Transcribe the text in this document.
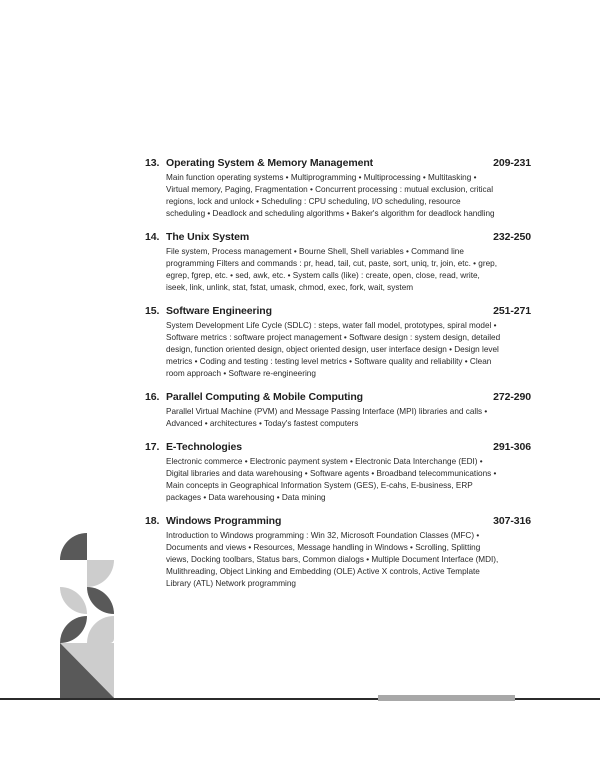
13. Operating System & Memory Management	209-231
Main function operating systems • Multiprogramming • Multiprocessing • Multitasking • Virtual memory, Paging, Fragmentation • Concurrent processing : mutual exclusion, critical regions, lock and unlock • Scheduling : CPU scheduling, I/O scheduling, resource scheduling • Deadlock and scheduling algorithms • Baker's algorithm for deadlock handling
14. The Unix System	232-250
File system, Process management • Bourne Shell, Shell variables • Command line programming Filters and commands : pr, head, tail, cut, paste, sort, uniq, tr, join, etc. • grep, egrep, fgrep, etc. • sed, awk, etc. • System calls (like) : create, open, close, read, write, iseek, link, unlink, stat, fstat, umask, chmod, exec, fork, wait, system
15. Software Engineering	251-271
System Development Life Cycle (SDLC) : steps, water fall model, prototypes, spiral model • Software metrics : software project management • Software design : system design, detailed design, function oriented design, object oriented design, user interface design • Design level metrics • Coding and testing : testing level metrics • Software quality and reliability • Clean room approach • Software re-engineering
16. Parallel Computing & Mobile Computing	272-290
Parallel Virtual Machine (PVM) and Message Passing Interface (MPI) libraries and calls • Advanced • architectures • Today's fastest computers
17. E-Technologies	291-306
Electronic commerce • Electronic payment system • Electronic Data Interchange (EDI) • Digital libraries and data warehousing • Software agents • Broadband telecommunications • Main concepts in Geographical Information System (GES), E-cahs, E-business, ERP packages • Data warehousing • Data mining
18. Windows Programming	307-316
Introduction to Windows programming : Win 32, Microsoft Foundation Classes (MFC) • Documents and views • Resources, Message handling in Windows • Scrolling, Splitting views, Docking toolbars, Status bars, Common dialogs • Multiple Document Interface (MDI), Mulithreading, Object Linking and Embedding (OLE) Active X controls, Active Template Library (ATL) Network programming
